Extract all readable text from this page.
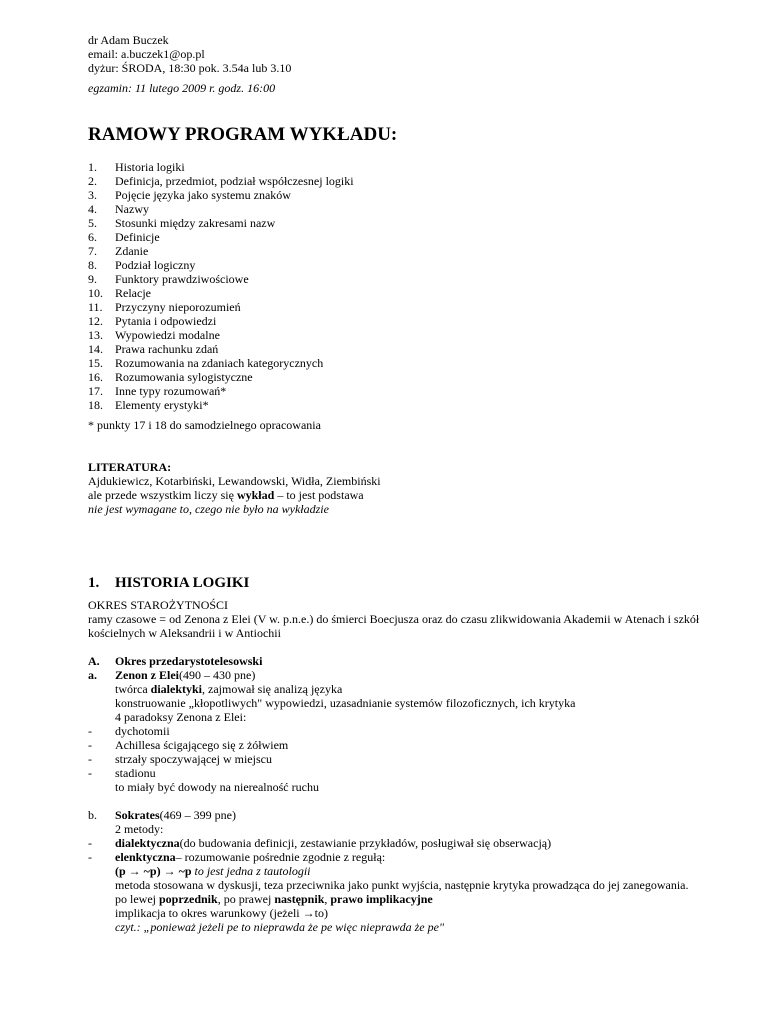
dr Adam Buczek
email: a.buczek1@op.pl
dyżur: ŚRODA, 18:30 pok. 3.54a lub 3.10
egzamin: 11 lutego 2009 r. godz. 16:00
RAMOWY PROGRAM WYKŁADU:
1.	Historia logiki
2.	Definicja, przedmiot, podział współczesnej logiki
3.	Pojęcie języka jako systemu znaków
4.	Nazwy
5.	Stosunki między zakresami nazw
6.	Definicje
7.	Zdanie
8.	Podział logiczny
9.	Funktory prawdziwościowe
10.	Relacje
11.	Przyczyny nieporozumień
12.	Pytania i odpowiedzi
13.	Wypowiedzi modalne
14.	Prawa rachunku zdań
15.	Rozumowania na zdaniach kategorycznych
16.	Rozumowania sylogistyczne
17.	Inne typy rozumowań*
18.	Elementy erystyki*
* punkty 17 i 18 do samodzielnego opracowania
LITERATURA:
Ajdukiewicz, Kotarbiński, Lewandowski, Widła, Ziembiński
ale przede wszystkim liczy się wykład – to jest podstawa
nie jest wymagane to, czego nie było na wykładzie
1. HISTORIA LOGIKI
OKRES STAROŻYTNOŚCI
ramy czasowe = od Zenona z Elei (V w. p.n.e.) do śmierci Boecjusza oraz do czasu zlikwidowania Akademii w Atenach i szkół kościelnych w Aleksandrii i w Antiochii
A.	Okres przedarystotelesowski
a.	Zenon z Elei (490 – 430 pne)
twórca dialektyki, zajmował się analizą języka
konstruowanie „kłopotliwych" wypowiedzi, uzasadnianie systemów filozoficznych, ich krytyka
4 paradoksy Zenona z Elei:
-	dychotomii
-	Achillesa ścigającego się z żółwiem
-	strzały spoczywającej w miejscu
-	stadionu
to miały być dowody na nierealność ruchu
b.	Sokrates (469 – 399 pne)
2 metody:
-	dialektyczna (do budowania definicji, zestawianie przykładów, posługiwał się obserwacją)
-	elenktyczna – rozumowanie pośrednie zgodnie z regułą:
(p → ~p) → ~p to jest jedna z tautologii
metoda stosowana w dyskusji, teza przeciwnika jako punkt wyjścia, następnie krytyka prowadząca do jej zanegowania.
po lewej poprzednik, po prawej następnik, prawo implikacyjne
implikacja to okres warunkowy (jeżeli →to)
czyt.: „ponieważ jeżeli pe to nieprawda że pe więc nieprawda że pe"
